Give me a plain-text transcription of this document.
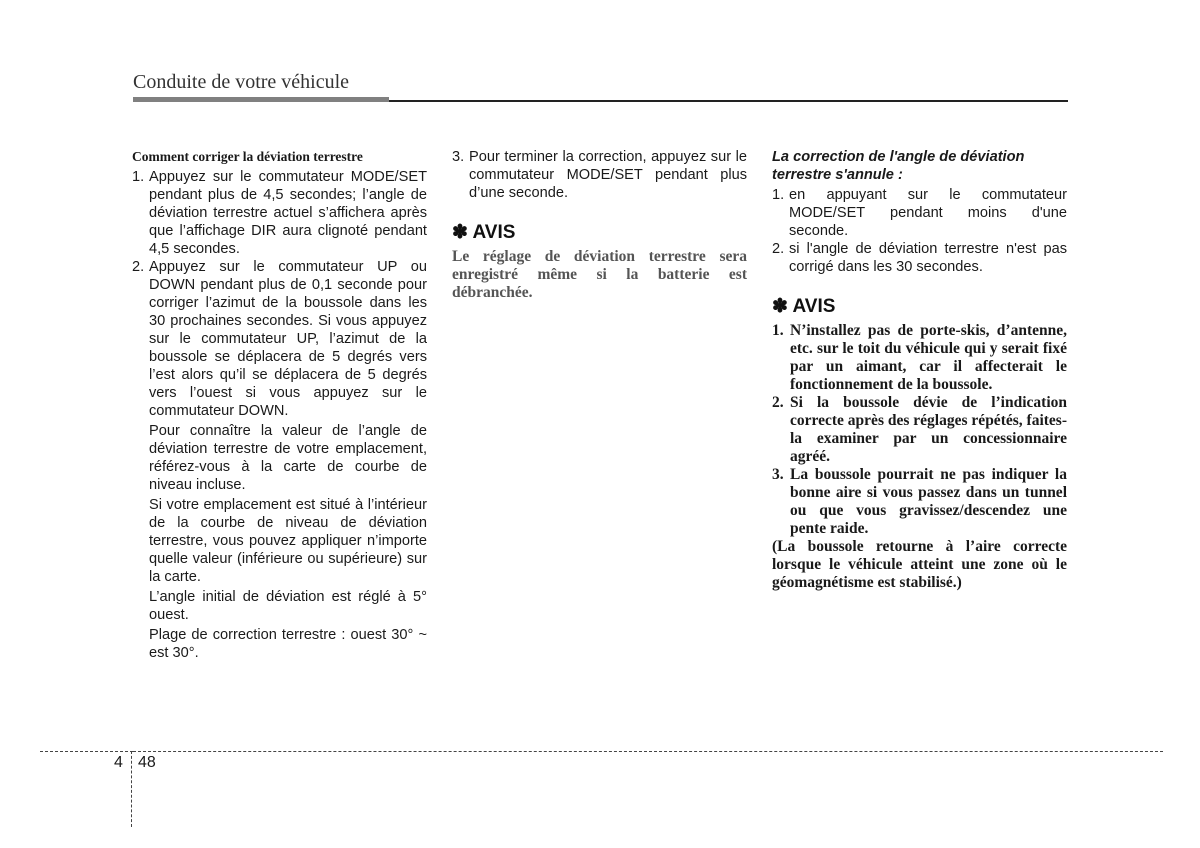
Conduite de votre véhicule
Comment corriger la déviation terrestre
1. Appuyez sur le commutateur MODE/SET pendant plus de 4,5 secondes; l’angle de déviation terrestre actuel s’affichera après que l’affichage DIR aura clignoté pendant 4,5 secondes.
2. Appuyez sur le commutateur UP ou DOWN pendant plus de 0,1 seconde pour corriger l’azimut de la boussole dans les 30 prochaines secondes. Si vous appuyez sur le commutateur UP, l’azimut de la boussole se déplacera de 5 degrés vers l’est alors qu’il se déplacera de 5 degrés vers l’ouest si vous appuyez sur le commutateur DOWN.
Pour connaître la valeur de l’angle de déviation terrestre de votre emplacement, référez-vous à la carte de courbe de niveau incluse.
Si votre emplacement est situé à l’intérieur de la courbe de niveau de déviation terrestre, vous pouvez appliquer n’importe quelle valeur (inférieure ou supérieure) sur la carte.
L’angle initial de déviation est réglé à 5° ouest.
Plage de correction terrestre : ouest 30° ~ est 30°.
3. Pour terminer la correction, appuyez sur le commutateur MODE/SET pendant plus d’une seconde.
✽ AVIS
Le réglage de déviation terrestre sera enregistré même si la batterie est débranchée.
La correction de l'angle de déviation terrestre s'annule :
1. en appuyant sur le commutateur MODE/SET pendant moins d'une seconde.
2. si l'angle de déviation terrestre n'est pas corrigé dans les 30 secondes.
✽ AVIS
1. N’installez pas de porte-skis, d’antenne, etc. sur le toit du véhicule qui y serait fixé par un aimant, car il affecterait le fonctionnement de la boussole.
2. Si la boussole dévie de l’indication correcte après des réglages répétés, faites-la examiner par un concessionnaire agréé.
3. La boussole pourrait ne pas indiquer la bonne aire si vous passez dans un tunnel ou que vous gravissez/descendez une pente raide.
(La boussole retourne à l’aire correcte lorsque le véhicule atteint une zone où le géomagnétisme est stabilisé.)
4 48
